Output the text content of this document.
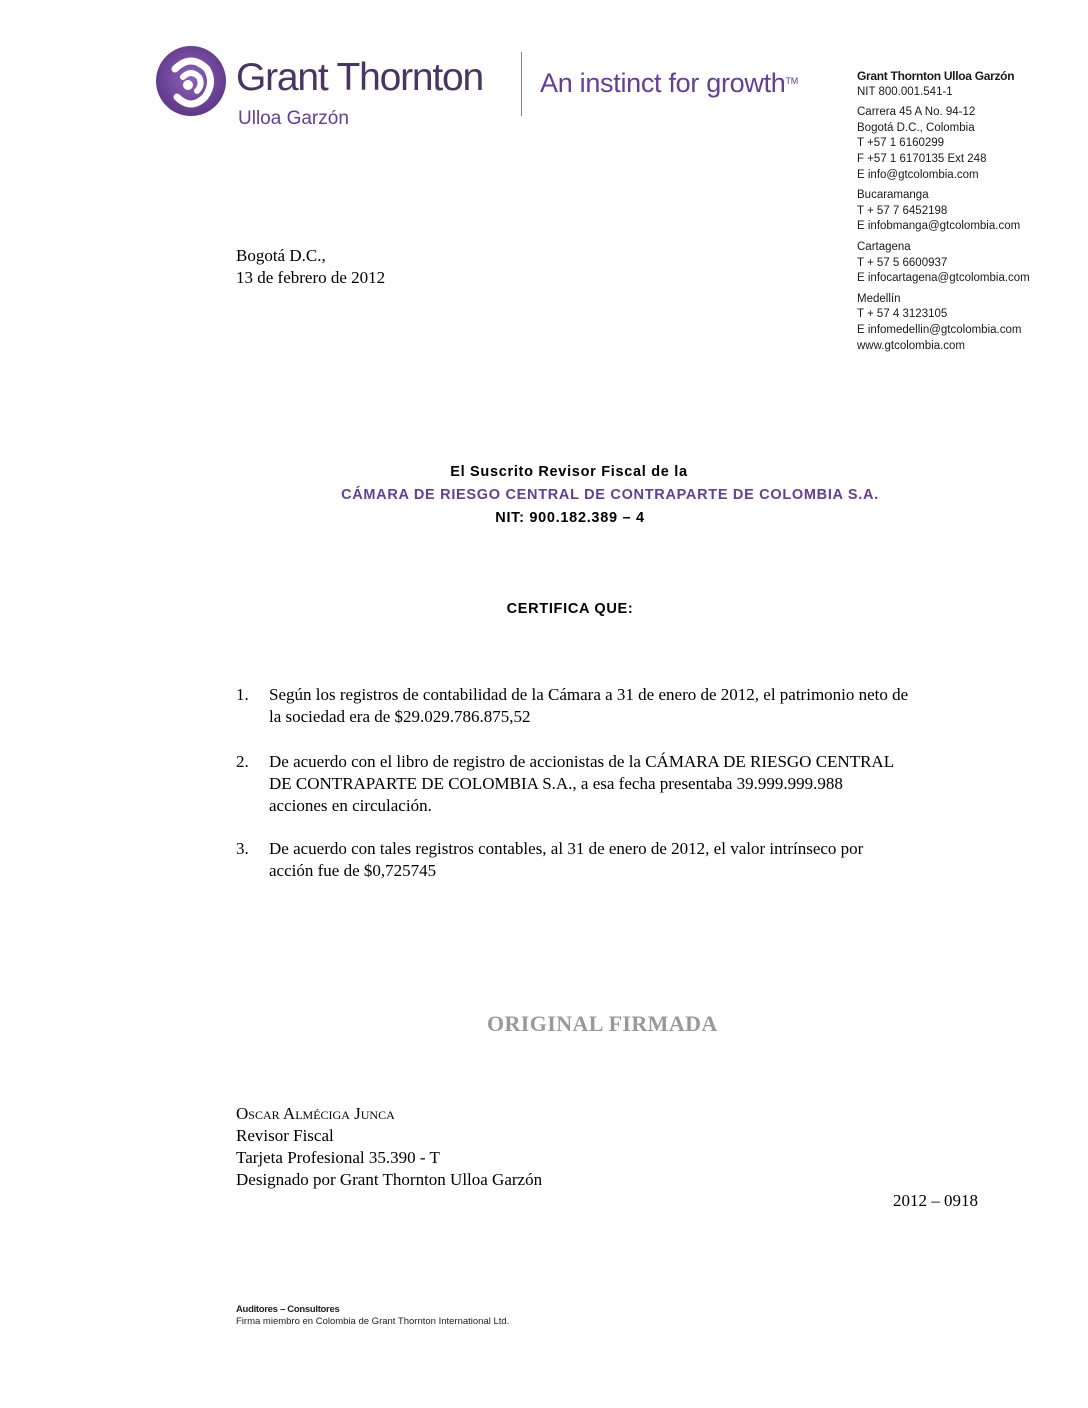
Grant Thornton
Ulloa Garzón
An instinct for growth™	Grant Thornton Ulloa Garzón
NIT 800.001.541-1
Carrera 45 A No. 94-12
Bogotá D.C., Colombia
T +57 1 6160299
F +57 1 6170135 Ext 248
E info@gtcolombia.com
Bucaramanga
T + 57 7 6452198
E infobmanga@gtcolombia.com
Cartagena
T + 57 5 6600937
E infocartagena@gtcolombia.com
Medellín
T + 57 4 3123105
E infomedellin@gtcolombia.com
www.gtcolombia.com
Bogotá D.C.,
13 de febrero de 2012
El Suscrito Revisor Fiscal de la
CÁMARA DE RIESGO CENTRAL DE CONTRAPARTE DE COLOMBIA S.A.
NIT: 900.182.389 – 4
CERTIFICA QUE:
1. Según los registros de contabilidad de la Cámara a 31 de enero de 2012, el patrimonio neto de
la sociedad era de $29.029.786.875,52
2. De acuerdo con el libro de registro de accionistas de la CÁMARA DE RIESGO CENTRAL
DE CONTRAPARTE DE COLOMBIA S.A., a esa fecha presentaba 39.999.999.988
acciones en circulación.
3. De acuerdo con tales registros contables, al 31 de enero de 2012, el valor intrínseco por
acción fue de $0,725745
ORIGINAL FIRMADA
Oscar Alméciga Junca
Revisor Fiscal
Tarjeta Profesional 35.390 - T
Designado por Grant Thornton Ulloa Garzón
2012 – 0918
Auditores – Consultores
Firma miembro en Colombia de Grant Thornton International Ltd.
